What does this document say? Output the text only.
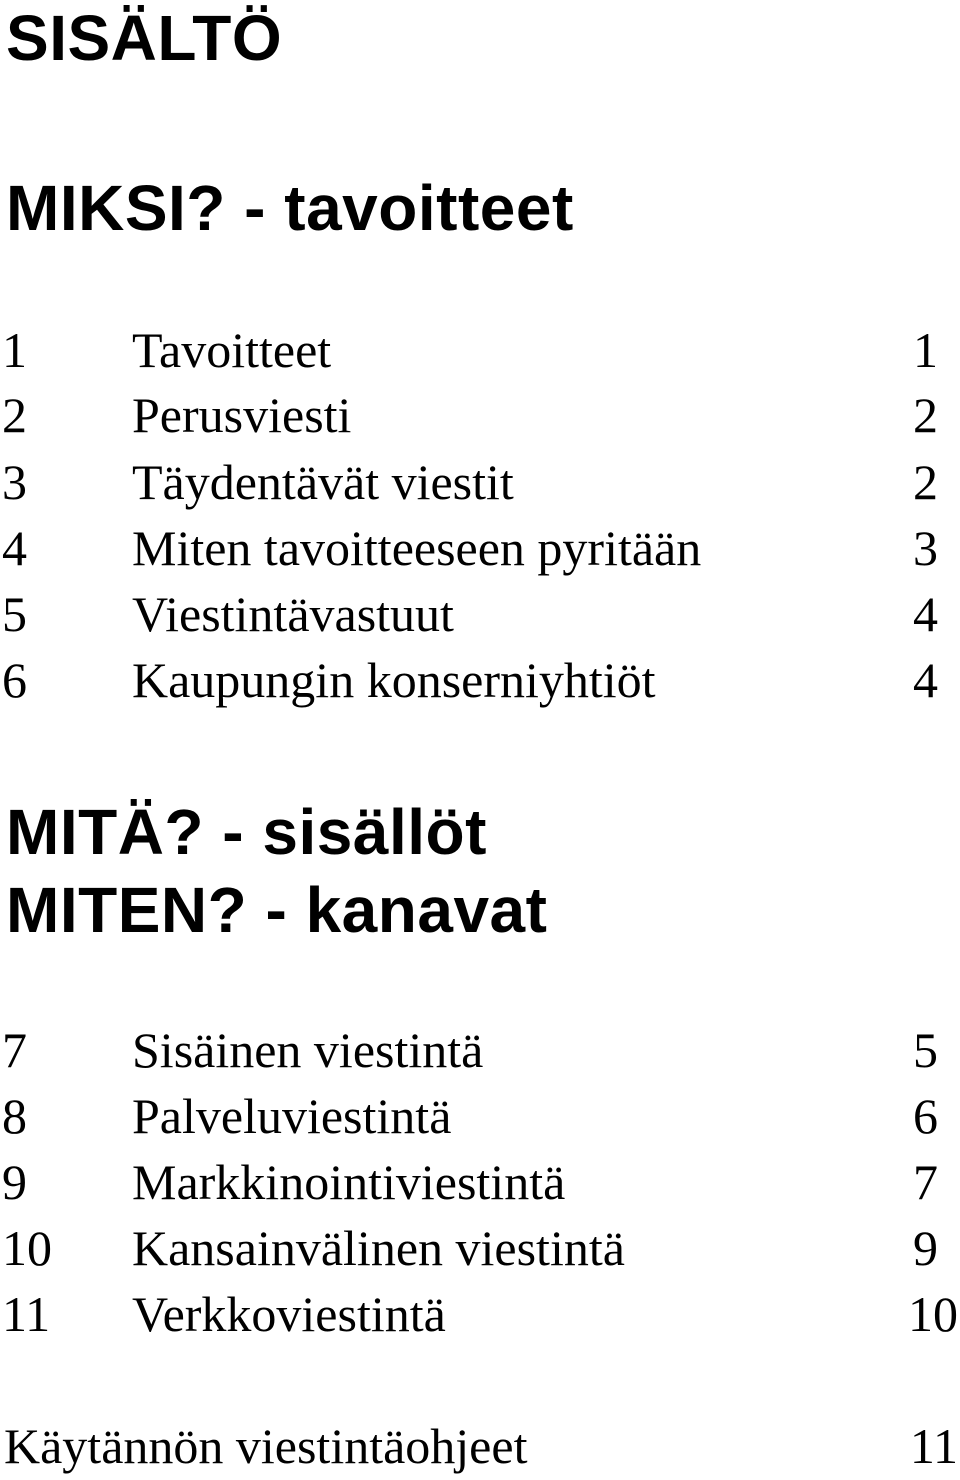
SISÄLTÖ
MIKSI? - tavoitteet
1 Tavoitteet	1
2 Perusviesti	2
3 Täydentävät viestit	2
4 Miten tavoitteeseen pyritään	3
5 Viestintävastuut	4
6 Kaupungin konserniyhtiöt	4
MITÄ? - sisällöt
MITEN? - kanavat
7 Sisäinen viestintä	5
8 Palveluviestintä	6
9 Markkinointiviestintä	7
10 Kansainvälinen viestintä	9
11 Verkkoviestintä	10
Käytännön viestintäohjeet	11
